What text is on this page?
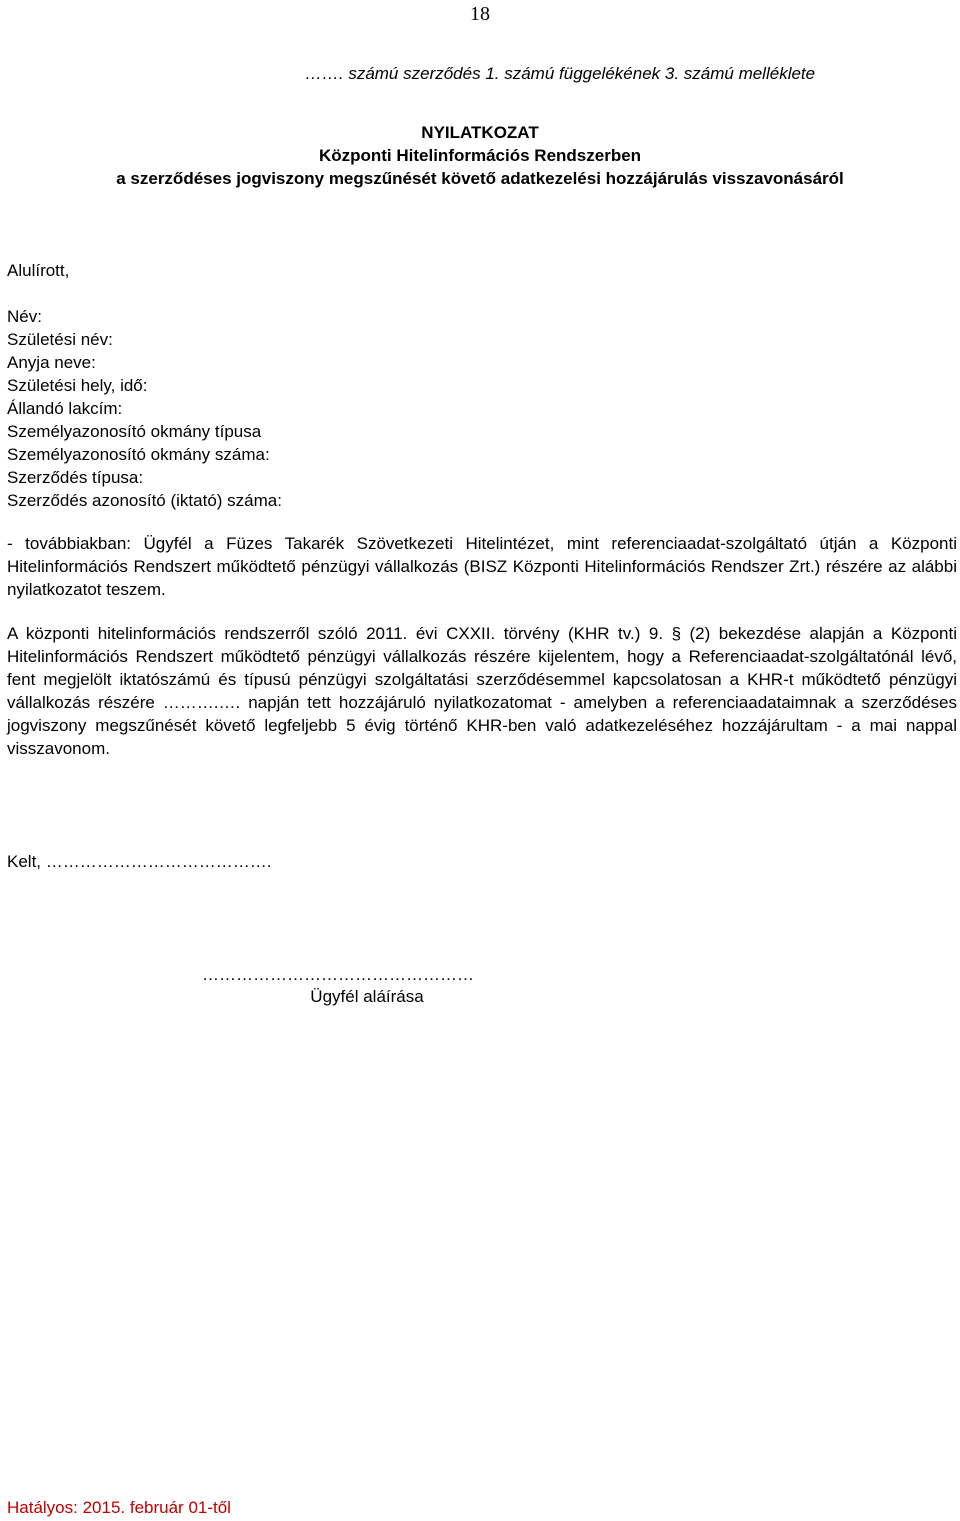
18
……. számú szerződés 1. számú függelékének 3. számú melléklete
NYILATKOZAT
Központi Hitelinformációs Rendszerben
a szerződéses jogviszony megszűnését követő adatkezelési hozzájárulás visszavonásáról
Alulírott,
Név:
Születési név:
Anyja neve:
Születési hely, idő:
Állandó lakcím:
Személyazonosító okmány típusa
Személyazonosító okmány száma:
Szerződés típusa:
Szerződés azonosító (iktató) száma:
- továbbiakban: Ügyfél a Füzes Takarék Szövetkezeti Hitelintézet, mint referenciaadat-szolgáltató útján a Központi Hitelinformációs Rendszert működtető pénzügyi vállalkozás (BISZ Központi Hitelinformációs Rendszer Zrt.) részére az alábbi nyilatkozatot teszem.
A központi hitelinformációs rendszerről szóló 2011. évi CXXII. törvény (KHR tv.) 9. § (2) bekezdése alapján a Központi Hitelinformációs Rendszert működtető pénzügyi vállalkozás részére kijelentem, hogy a Referenciaadat-szolgáltatónál lévő, fent megjelölt iktatószámú és típusú pénzügyi szolgáltatási szerződésemmel kapcsolatosan a KHR-t működtető pénzügyi vállalkozás részére ……….…. napján tett hozzájáruló nyilatkozatomat - amelyben a referenciaadataimnak a szerződéses jogviszony megszűnését követő legfeljebb 5 évig történő KHR-ben való adatkezeléséhez hozzájárultam - a mai nappal visszavonom.
Kelt, ………………………………….
…………………………………………
Ügyfél aláírása
Hatályos: 2015. február 01-től
